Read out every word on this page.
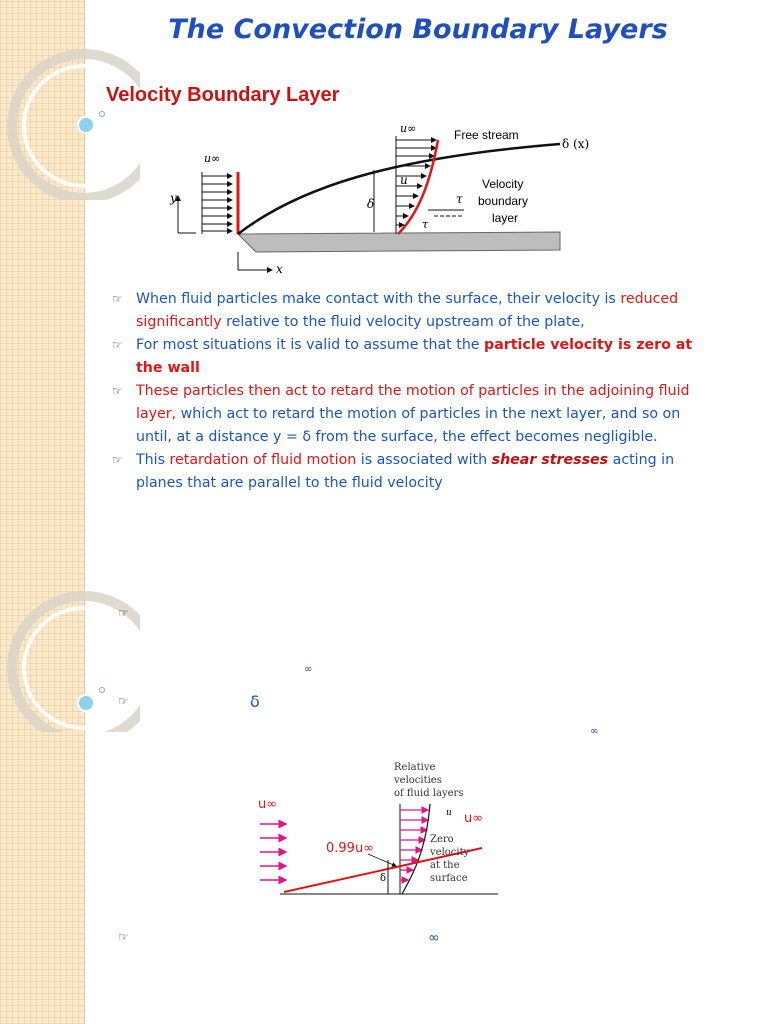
The Convection Boundary Layers
Velocity Boundary Layer
y
x
u∞
u∞
u
δ
Free stream
δ (x)
τ
τ
Velocity
boundary
layer
☞ When fluid particles make contact with the surface, their velocity is reduced significantly relative to the fluid velocity upstream of the plate,
☞ For most situations it is valid to assume that the particle velocity is zero at the wall
☞ These particles then act to retard the motion of particles in the adjoining fluid layer, which act to retard the motion of particles in the next layer, and so on until, at a distance y = δ from the surface, the effect becomes negligible.
☞ This retardation of fluid motion is associated with shear stresses acting in planes that are parallel to the fluid velocity
☞
∞
☞	δ
∞
☞	∞
u∞
δ
Relative
velocities
of fluid layers
u u∞
0.99u∞
Zero
velocity
at the
surface
